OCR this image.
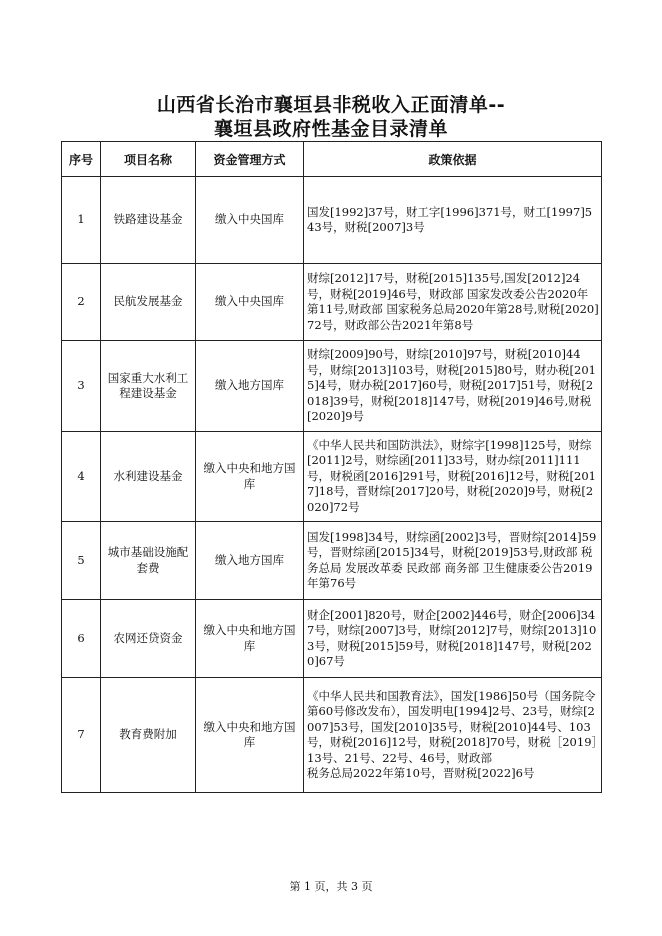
山西省长治市襄垣县非税收入正面清单--
襄垣县政府性基金目录清单
序号	项目名称	资金管理方式	政策依据
1	铁路建设基金	缴入中央国库	国发[1992]37号，财工字[1996]371号，财工[1997]543号，财税[2007]3号
2	民航发展基金	缴入中央国库	财综[2012]17号，财税[2015]135号,国发[2012]24号，财税[2019]46号，财政部 国家发改委公告2020年第11号,财政部 国家税务总局2020年第28号,财税[2020]72号，财政部公告2021年第8号
3	国家重大水利工程建设基金	缴入地方国库	财综[2009]90号，财综[2010]97号，财税[2010]44号，财综[2013]103号，财税[2015]80号，财办税[2015]4号，财办税[2017]60号，财税[2017]51号，财税[2018]39号，财税[2018]147号，财税[2019]46号,财税[2020]9号
4	水利建设基金	缴入中央和地方国库	《中华人民共和国防洪法》，财综字[1998]125号，财综[2011]2号，财综函[2011]33号，财办综[2011]111号，财税函[2016]291号，财税[2016]12号，财税[2017]18号，晋财综[2017]20号，财税[2020]9号，财税[2020]72号
5	城市基础设施配套费	缴入地方国库	国发[1998]34号，财综函[2002]3号，晋财综[2014]59号，晋财综函[2015]34号，财税[2019]53号,财政部 税务总局 发展改革委 民政部 商务部 卫生健康委公告2019年第76号
6	农网还贷资金	缴入中央和地方国库	财企[2001]820号，财企[2002]446号，财企[2006]347号，财综[2007]3号，财综[2012]7号，财综[2013]103号，财税[2015]59号，财税[2018]147号，财税[2020]67号
7	教育费附加	缴入中央和地方国库	《中华人民共和国教育法》，国发[1986]50号（国务院令第60号修改发布），国发明电[1994]2号、23号，财综[2007]53号，国发[2010]35号，财税[2010]44号、103号，财税[2016]12号，财税[2018]70号，财税［2019］13号、21号、22号、46号，财政部
税务总局2022年第10号，晋财税[2022]6号
第 1 页，共 3 页
